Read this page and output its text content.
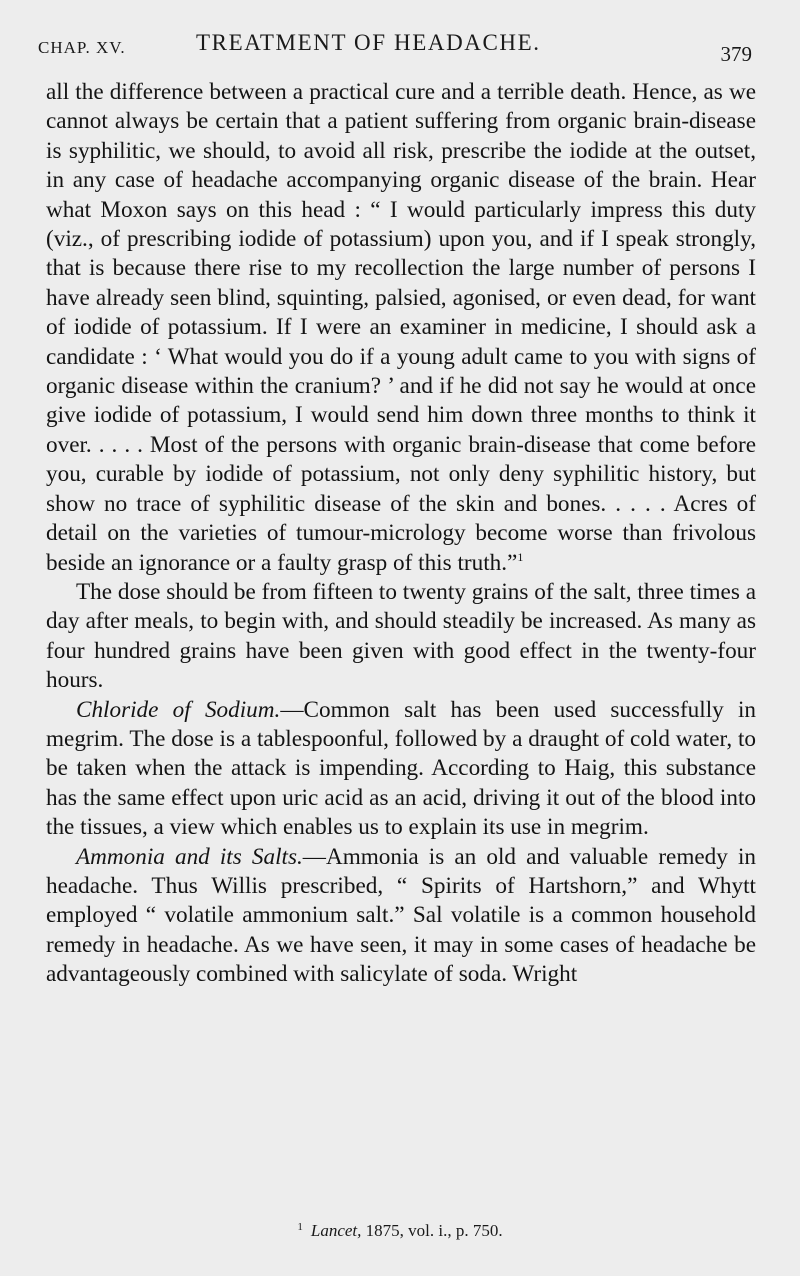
CHAP. XV.	TREATMENT OF HEADACHE.	379

all the difference between a practical cure and a terrible death. Hence, as we cannot always be certain that a patient suffering from organic brain-disease is syphilitic, we should, to avoid all risk, prescribe the iodide at the outset, in any case of headache accompanying organic disease of the brain. Hear what Moxon says on this head : “ I would particularly impress this duty (viz., of prescribing iodide of potassium) upon you, and if I speak strongly, that is because there rise to my recollection the large number of persons I have already seen blind, squinting, palsied, agonised, or even dead, for want of iodide of potassium. If I were an examiner in medicine, I should ask a candidate : ‘ What would you do if a young adult came to you with signs of organic disease within the cranium? ’ and if he did not say he would at once give iodide of potassium, I would send him down three months to think it over. . . . . Most of the persons with organic brain-disease that come before you, curable by iodide of potassium, not only deny syphilitic history, but show no trace of syphilitic disease of the skin and bones. . . . . Acres of detail on the varieties of tumour-micrology become worse than frivolous beside an ignorance or a faulty grasp of this truth.”$^1$

The dose should be from fifteen to twenty grains of the salt, three times a day after meals, to begin with, and should steadily be increased. As many as four hundred grains have been given with good effect in the twenty-four hours.

Chloride of Sodium.—Common salt has been used successfully in megrim. The dose is a tablespoonful, followed by a draught of cold water, to be taken when the attack is impending. According to Haig, this substance has the same effect upon uric acid as an acid, driving it out of the blood into the tissues, a view which enables us to explain its use in megrim.

Ammonia and its Salts.—Ammonia is an old and valuable remedy in headache. Thus Willis prescribed, “ Spirits of Hartshorn,” and Whytt employed “ volatile ammonium salt.” Sal volatile is a common household remedy in headache. As we have seen, it may in some cases of headache be advantageously combined with salicylate of soda. Wright

$^1$ Lancet, 1875, vol. i., p. 750.
